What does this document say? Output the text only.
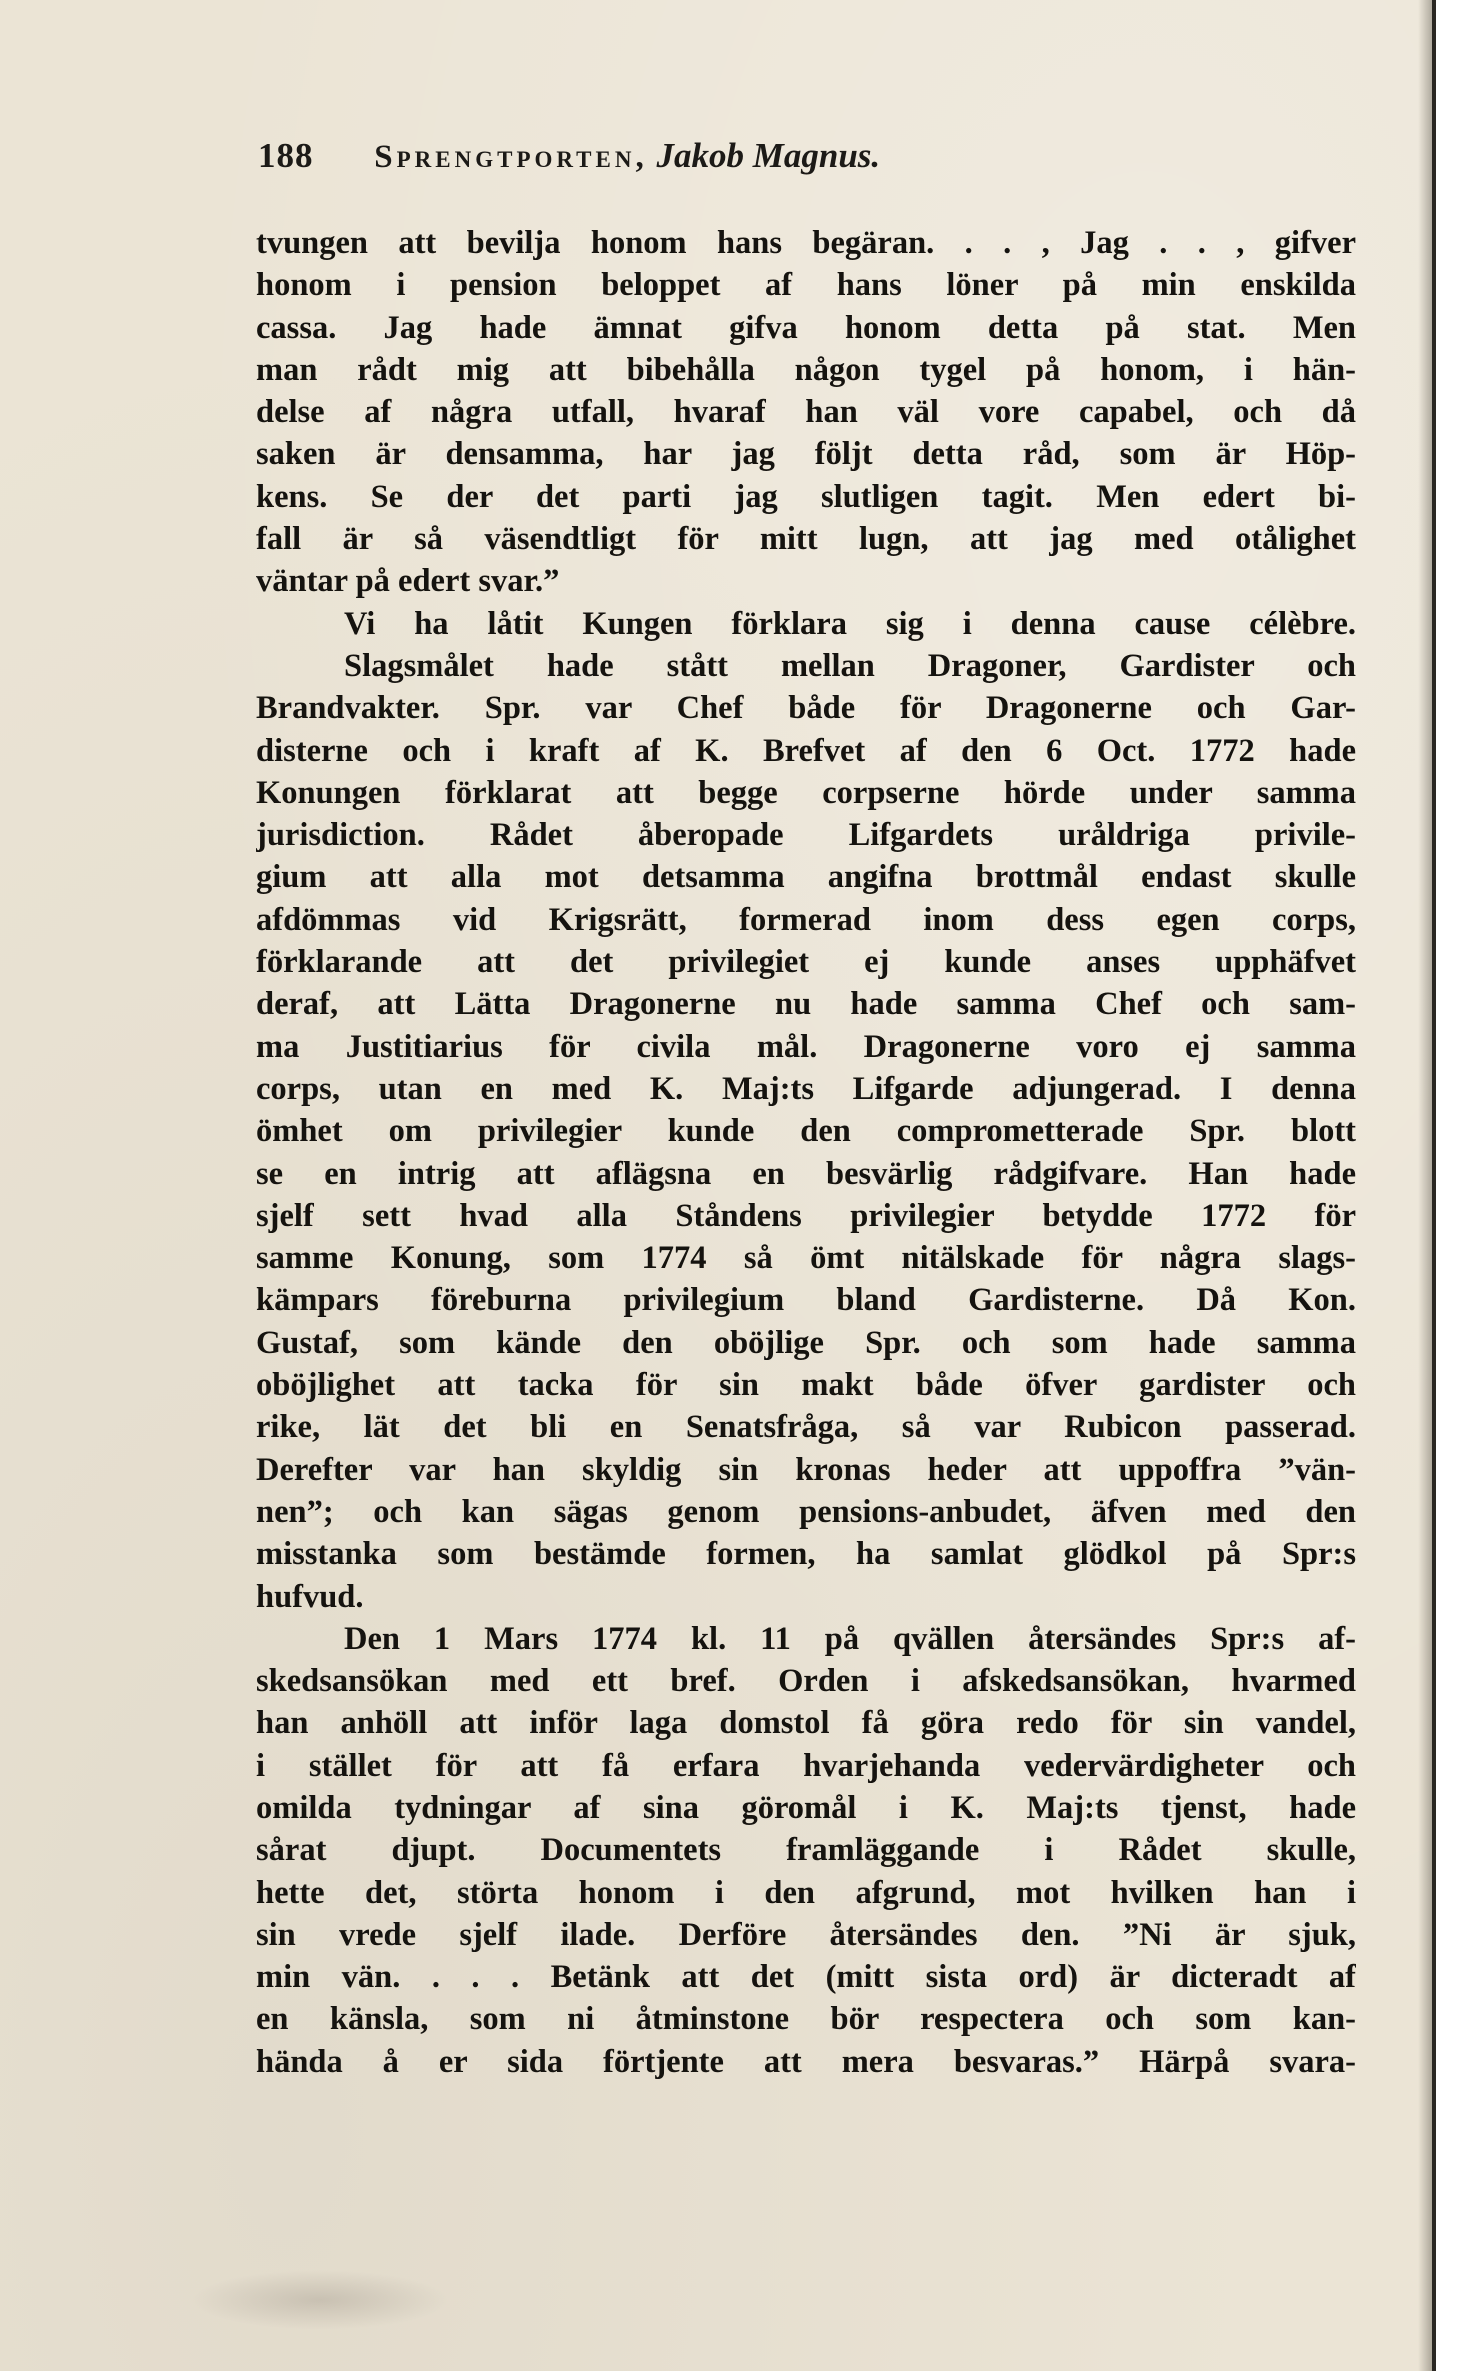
188 Sprengtporten, Jakob Magnus.
tvungen att bevilja honom hans begäran. . . , Jag . . , gifver
honom i pension beloppet af hans löner på min enskilda
cassa. Jag hade ämnat gifva honom detta på stat. Men
man rådt mig att bibehålla någon tygel på honom, i hän-
delse af några utfall, hvaraf han väl vore capabel, och då
saken är densamma, har jag följt detta råd, som är Höp-
kens. Se der det parti jag slutligen tagit. Men edert bi-
fall är så väsendtligt för mitt lugn, att jag med otålighet
väntar på edert svar.”
Vi ha låtit Kungen förklara sig i denna cause célèbre.
Slagsmålet hade stått mellan Dragoner, Gardister och
Brandvakter. Spr. var Chef både för Dragonerne och Gar-
disterne och i kraft af K. Brefvet af den 6 Oct. 1772 hade
Konungen förklarat att begge corpserne hörde under samma
jurisdiction. Rådet åberopade Lifgardets uråldriga privile-
gium att alla mot detsamma angifna brottmål endast skulle
afdömmas vid Krigsrätt, formerad inom dess egen corps,
förklarande att det privilegiet ej kunde anses upphäfvet
deraf, att Lätta Dragonerne nu hade samma Chef och sam-
ma Justitiarius för civila mål. Dragonerne voro ej samma
corps, utan en med K. Maj:ts Lifgarde adjungerad. I denna
ömhet om privilegier kunde den comprometterade Spr. blott
se en intrig att aflägsna en besvärlig rådgifvare. Han hade
sjelf sett hvad alla Ståndens privilegier betydde 1772 för
samme Konung, som 1774 så ömt nitälskade för några slags-
kämpars föreburna privilegium bland Gardisterne. Då Kon.
Gustaf, som kände den oböjlige Spr. och som hade samma
oböjlighet att tacka för sin makt både öfver gardister och
rike, lät det bli en Senatsfråga, så var Rubicon passerad.
Derefter var han skyldig sin kronas heder att uppoffra ”vän-
nen”; och kan sägas genom pensions-anbudet, äfven med den
misstanka som bestämde formen, ha samlat glödkol på Spr:s
hufvud.
Den 1 Mars 1774 kl. 11 på qvällen återsändes Spr:s af-
skedsansökan med ett bref. Orden i afskedsansökan, hvarmed
han anhöll att inför laga domstol få göra redo för sin vandel,
i stället för att få erfara hvarjehanda vedervärdigheter och
omilda tydningar af sina göromål i K. Maj:ts tjenst, hade
sårat djupt. Documentets framläggande i Rådet skulle,
hette det, störta honom i den afgrund, mot hvilken han i
sin vrede sjelf ilade. Derföre återsändes den. ”Ni är sjuk,
min vän. . . . Betänk att det (mitt sista ord) är dicteradt af
en känsla, som ni åtminstone bör respectera och som kan-
hända å er sida förtjente att mera besvaras.” Härpå svara-
